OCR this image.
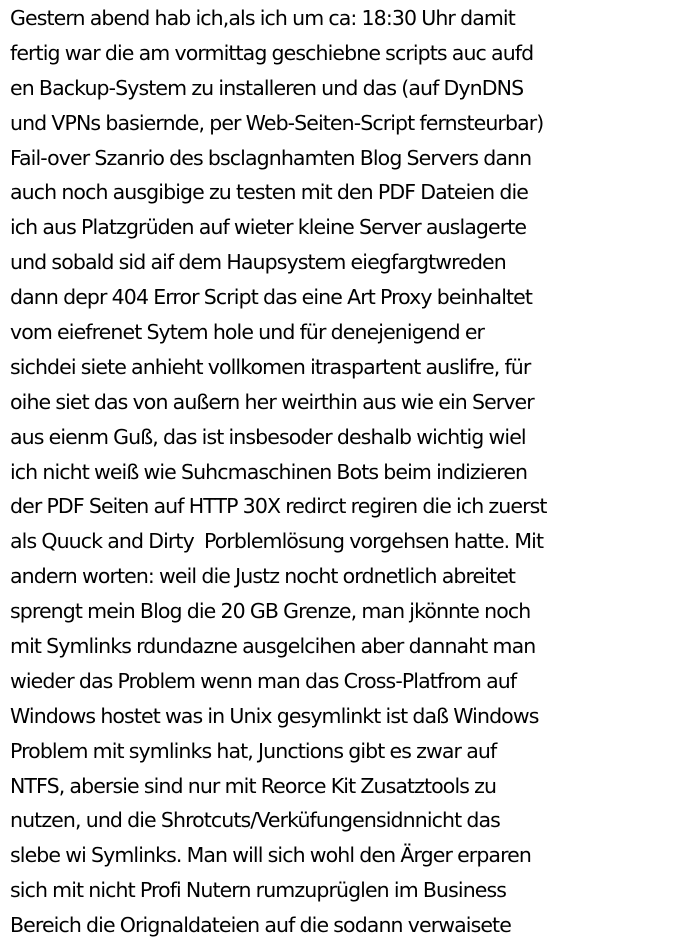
Gestern abend hab ich,als ich um ca: 18:30 Uhr damit
fertig war die am vormittag geschiebne scripts auc aufd
en Backup-System zu installeren und das (auf DynDNS
und VPNs basiernde, per Web-Seiten-Script fernsteurbar)
Fail-over Szanrio des bsclagnhamten Blog Servers dann
auch noch ausgibige zu testen mit den PDF Dateien die
ich aus Platzgrüden auf wieter kleine Server auslagerte
und sobald sid aif dem Haupsystem eiegfargtwreden
dann depr 404 Error Script das eine Art Proxy beinhaltet
vom eiefrenet Sytem hole und für denejenigend er
sichdei siete anhieht vollkomen itraspartent auslifre, für
oihe siet das von außern her weirthin aus wie ein Server
aus eienm Guß, das ist insbesoder deshalb wichtig wiel
ich nicht weiß wie Suhcmaschinen Bots beim indizieren
der PDF Seiten auf HTTP 30X redirct regiren die ich zuerst
als Quuck and Dirty  Porblemlösung vorgehsen hatte. Mit
andern worten: weil die Justz nocht ordnetlich abreitet
sprengt mein Blog die 20 GB Grenze, man jkönnte noch
mit Symlinks rdundazne ausgelcihen aber dannaht man
wieder das Problem wenn man das Cross-Platfrom auf
Windows hostet was in Unix gesymlinkt ist daß Windows
Problem mit symlinks hat, Junctions gibt es zwar auf
NTFS, abersie sind nur mit Reorce Kit Zusatztools zu
nutzen, und die Shrotcuts/Verküfungensidnnicht das
slebe wi Symlinks. Man will sich wohl den Ärger erparen
sich mit nicht Profi Nutern rumzuprüglen im Business
Bereich die Orignaldateien auf die sodann verwaisete
